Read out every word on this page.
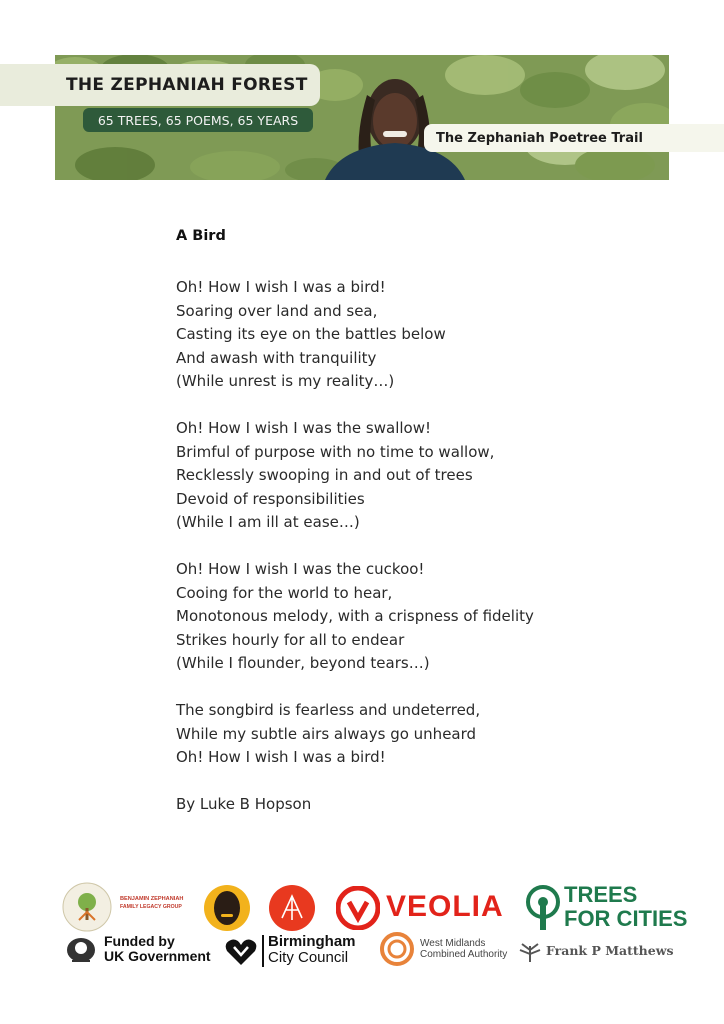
THE ZEPHANIAH FOREST
65 TREES, 65 POEMS, 65 YEARS
The Zephaniah Poetree Trail
A Bird
Oh! How I wish I was a bird!
Soaring over land and sea,
Casting its eye on the battles below
And awash with tranquility
(While unrest is my reality…)
Oh! How I wish I was the swallow!
Brimful of purpose with no time to wallow,
Recklessly swooping in and out of trees
Devoid of responsibilities
(While I am ill at ease…)
Oh! How I wish I was the cuckoo!
Cooing for the world to hear,
Monotonous melody, with a crispness of fidelity
Strikes hourly for all to endear
(While I flounder, beyond tears…)
The songbird is fearless and undeterred,
While my subtle airs always go unheard
Oh! How I wish I was a bird!
By Luke B Hopson
BENJAMIN ZEPHANIAH
FAMILY LEGACY GROUP	VEOLIA	TREES
FOR CITIES
Funded by
UK Government
Birmingham
City Council
West Midlands
Combined Authority	Frank P Matthews
